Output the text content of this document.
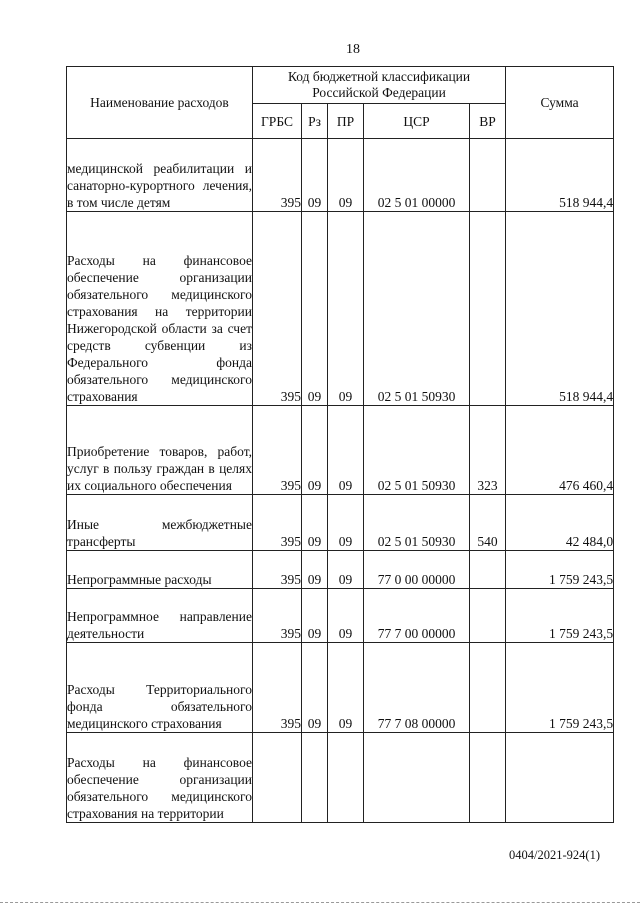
18
Наименование расходов	Код бюджетной классификации Российской Федерации					Сумма
	ГРБС	Рз	ПР	ЦСР	ВР	
медицинской реабилитации и санаторно-курортного лечения, в том числе детям	395	09	09	02 5 01 00000		518 944,4
Расходы на финансовое обеспечение организации обязательного медицинского страхования на территории Нижегородской области за счет средств субвенции из Федерального фонда обязательного медицинского страхования	395	09	09	02 5 01 50930		518 944,4
Приобретение товаров, работ, услуг в пользу граждан в целях их социального обеспечения	395	09	09	02 5 01 50930	323	476 460,4
Иные межбюджетные трансферты	395	09	09	02 5 01 50930	540	42 484,0
Непрограммные расходы	395	09	09	77 0 00 00000		1 759 243,5
Непрограммное направление деятельности	395	09	09	77 7 00 00000		1 759 243,5
Расходы Территориального фонда обязательного медицинского страхования	395	09	09	77 7 08 00000		1 759 243,5
Расходы на финансовое обеспечение организации обязательного медицинского страхования на территории						
0404/2021-924(1)
